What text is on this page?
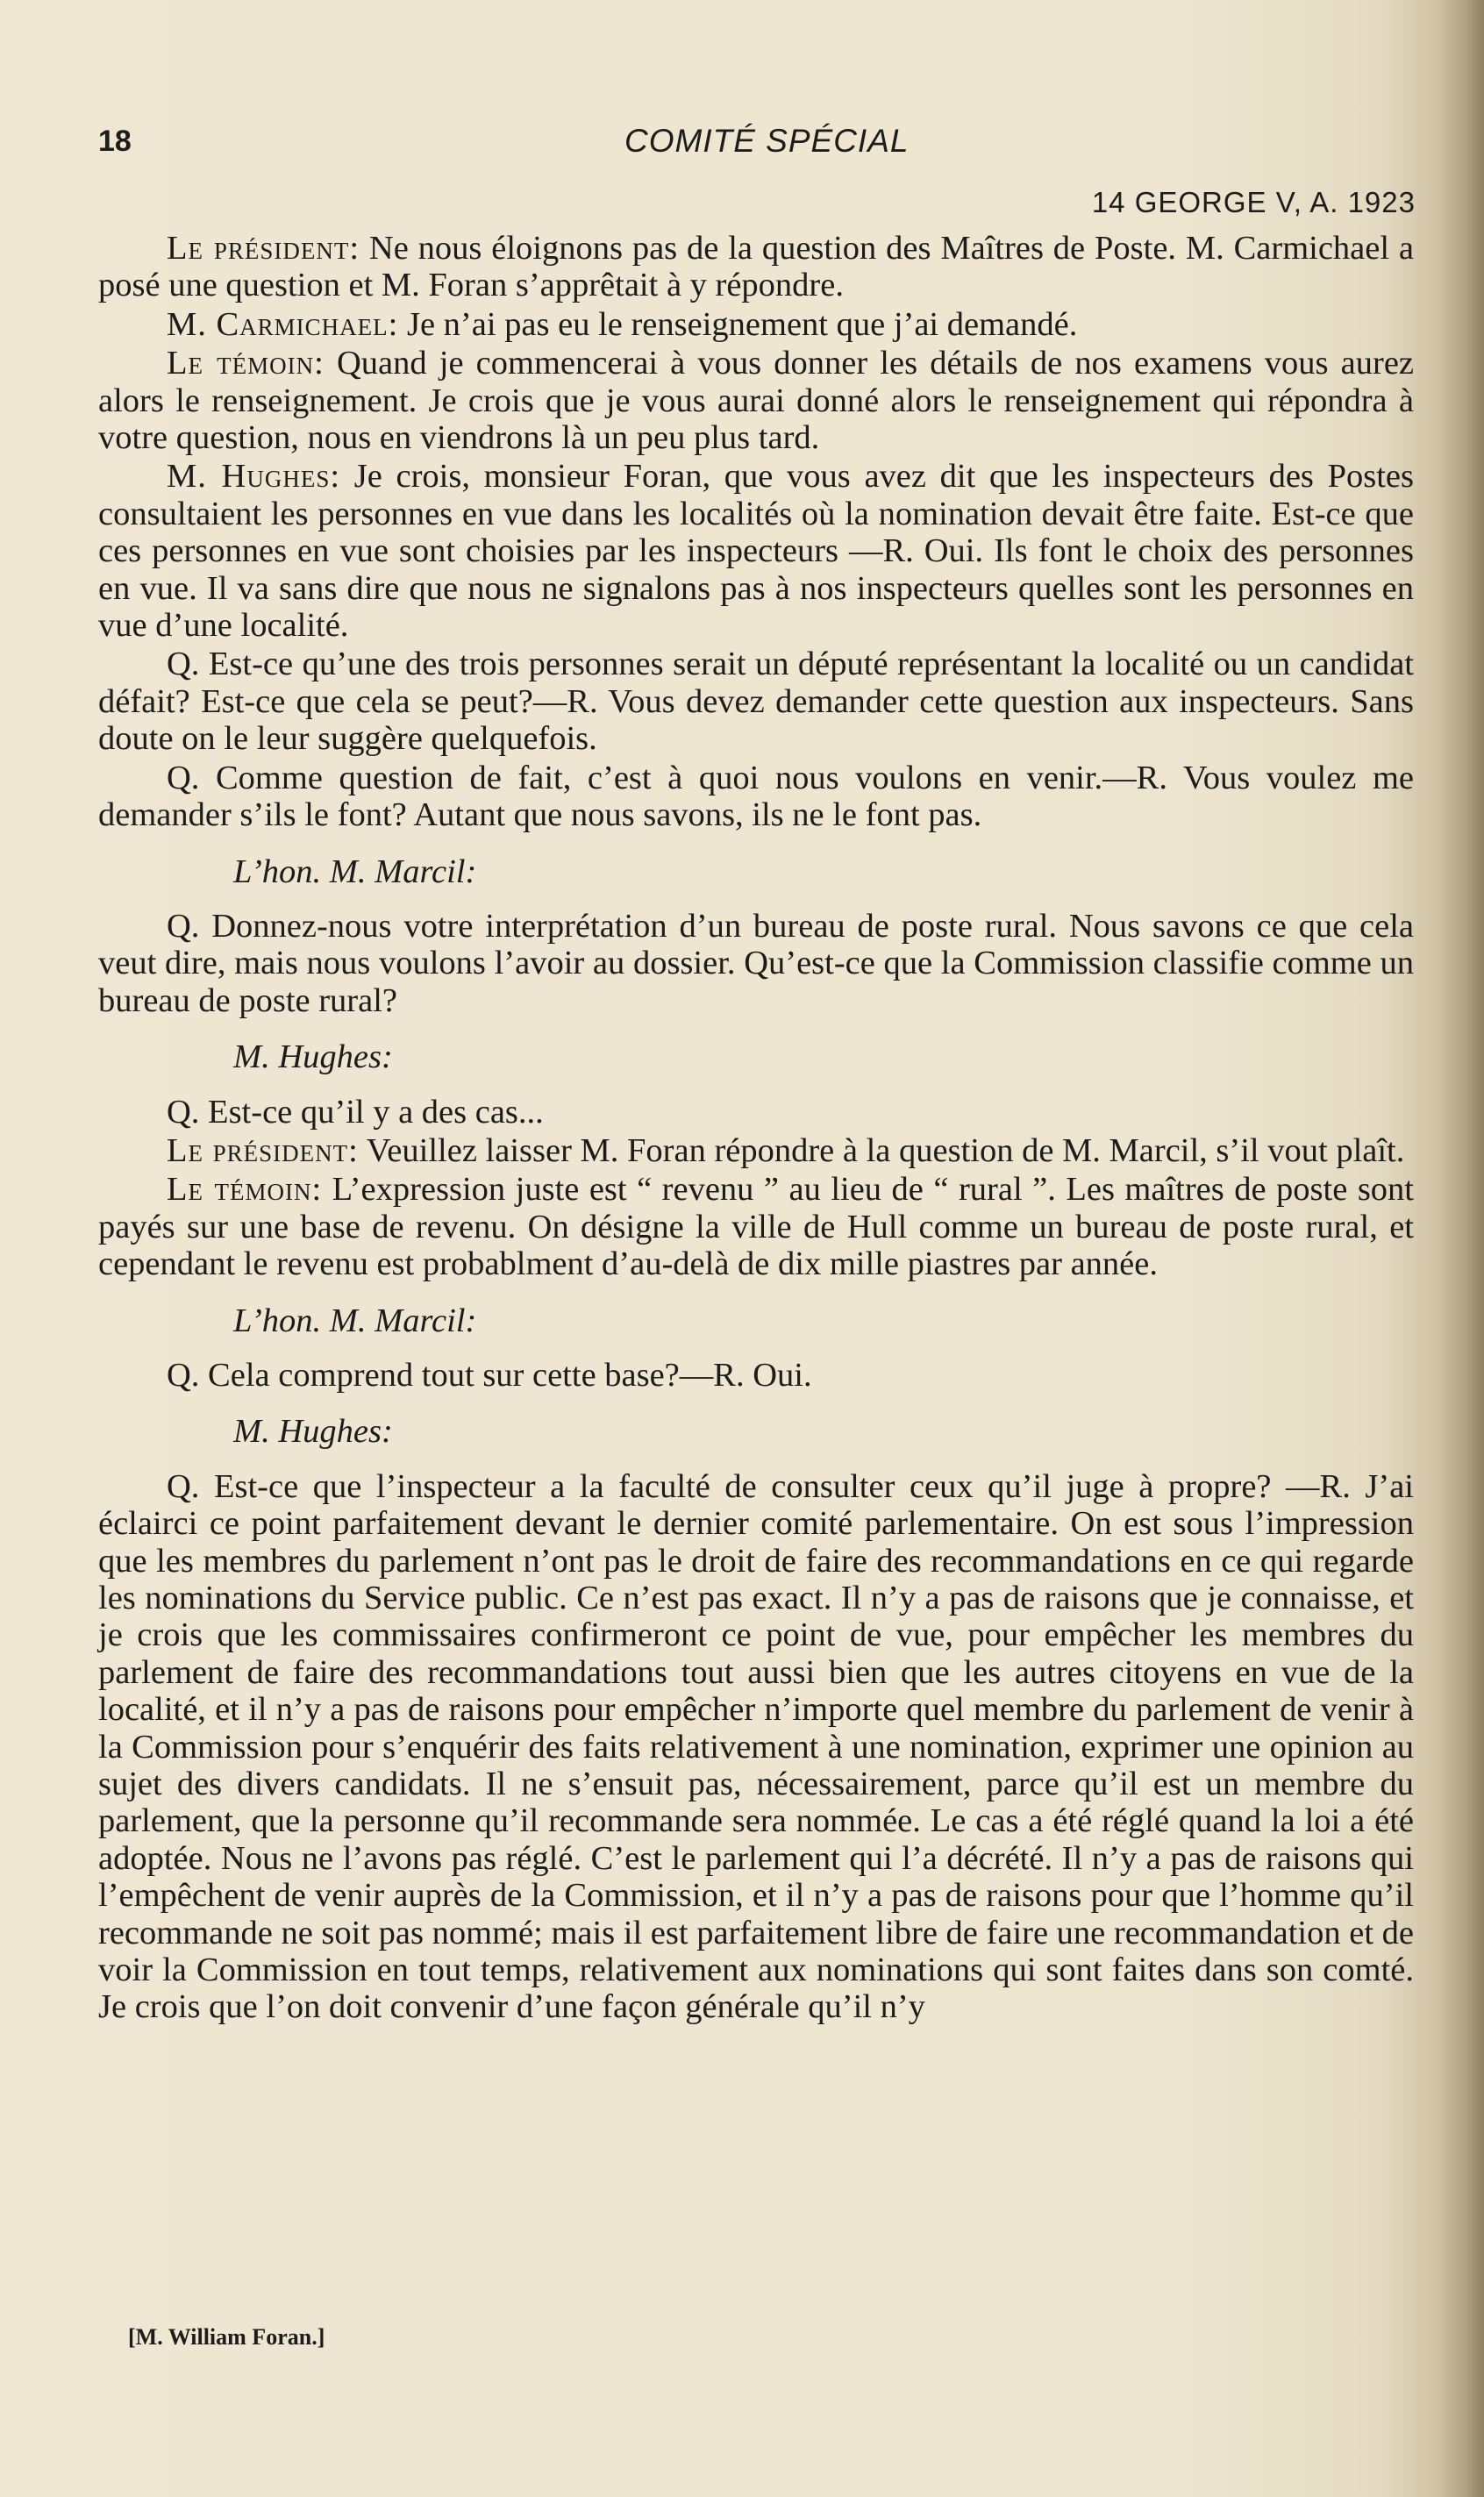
18	COMITÉ SPÉCIAL
14 GEORGE V, A. 1923

Le président: Ne nous éloignons pas de la question des Maîtres de Poste. M. Carmichael a posé une question et M. Foran s’apprêtait à y répondre.

M. Carmichael: Je n’ai pas eu le renseignement que j’ai demandé.

Le témoin: Quand je commencerai à vous donner les détails de nos examens vous aurez alors le renseignement. Je crois que je vous aurai donné alors le renseignement qui répondra à votre question, nous en viendrons là un peu plus tard.

M. Hughes: Je crois, monsieur Foran, que vous avez dit que les inspecteurs des Postes consultaient les personnes en vue dans les localités où la nomination devait être faite. Est-ce que ces personnes en vue sont choisies par les inspecteurs —R. Oui. Ils font le choix des personnes en vue. Il va sans dire que nous ne signalons pas à nos inspecteurs quelles sont les personnes en vue d’une localité.

Q. Est-ce qu’une des trois personnes serait un député représentant la localité ou un candidat défait? Est-ce que cela se peut?—R. Vous devez demander cette question aux inspecteurs. Sans doute on le leur suggère quelquefois.

Q. Comme question de fait, c’est à quoi nous voulons en venir.—R. Vous voulez me demander s’ils le font? Autant que nous savons, ils ne le font pas.

L’hon. M. Marcil:

Q. Donnez-nous votre interprétation d’un bureau de poste rural. Nous savons ce que cela veut dire, mais nous voulons l’avoir au dossier. Qu’est-ce que la Commission classifie comme un bureau de poste rural?

M. Hughes:

Q. Est-ce qu’il y a des cas...

Le président: Veuillez laisser M. Foran répondre à la question de M. Marcil, s’il vout plaît.

Le témoin: L’expression juste est “ revenu ” au lieu de “ rural ”. Les maîtres de poste sont payés sur une base de revenu. On désigne la ville de Hull comme un bureau de poste rural, et cependant le revenu est probablment d’au-delà de dix mille piastres par année.

L’hon. M. Marcil:

Q. Cela comprend tout sur cette base?—R. Oui.

M. Hughes:

Q. Est-ce que l’inspecteur a la faculté de consulter ceux qu’il juge à propre? —R. J’ai éclairci ce point parfaitement devant le dernier comité parlementaire. On est sous l’impression que les membres du parlement n’ont pas le droit de faire des recommandations en ce qui regarde les nominations du Service public. Ce n’est pas exact. Il n’y a pas de raisons que je connaisse, et je crois que les commissaires confirmeront ce point de vue, pour empêcher les membres du parlement de faire des recommandations tout aussi bien que les autres citoyens en vue de la localité, et il n’y a pas de raisons pour empêcher n’importe quel membre du parlement de venir à la Commission pour s’enquérir des faits relativement à une nomination, exprimer une opinion au sujet des divers candidats. Il ne s’ensuit pas, nécessairement, parce qu’il est un membre du parlement, que la personne qu’il recommande sera nommée. Le cas a été réglé quand la loi a été adoptée. Nous ne l’avons pas réglé. C’est le parlement qui l’a décrété. Il n’y a pas de raisons qui l’empêchent de venir auprès de la Commission, et il n’y a pas de raisons pour que l’homme qu’il recommande ne soit pas nommé; mais il est parfaitement libre de faire une recommandation et de voir la Commission en tout temps, relativement aux nominations qui sont faites dans son comté. Je crois que l’on doit convenir d’une façon générale qu’il n’y

[M. William Foran.]
